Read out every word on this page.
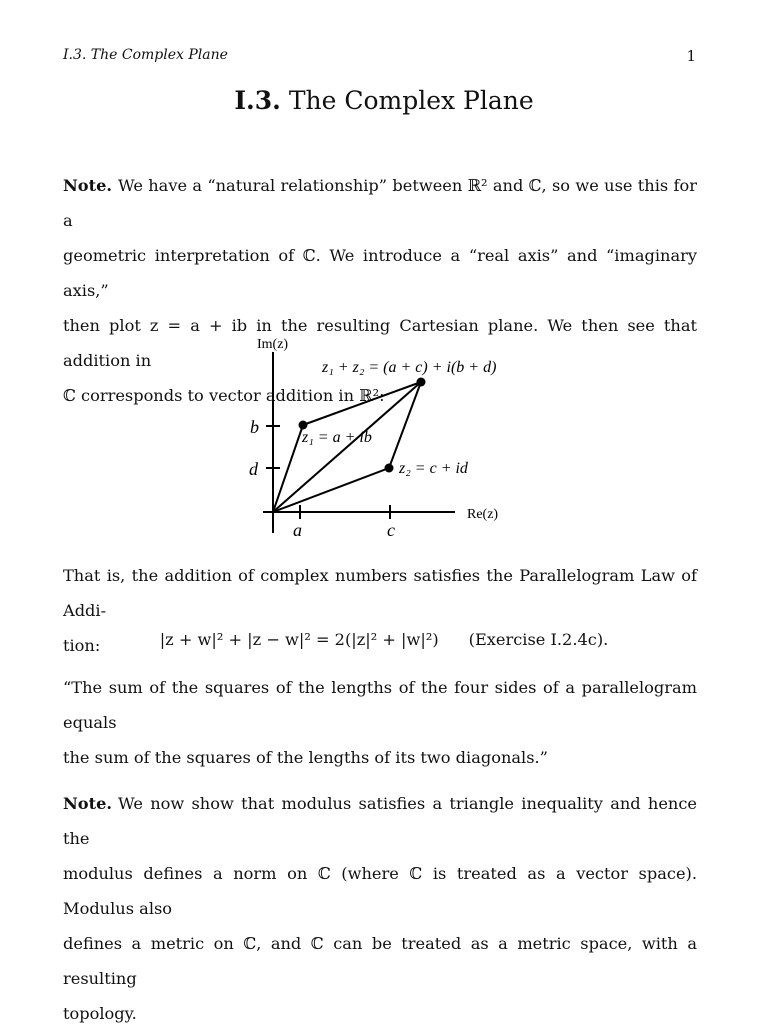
I.3. The Complex Plane	1
I.3. The Complex Plane
Note. We have a “natural relationship” between ℝ² and ℂ, so we use this for a
geometric interpretation of ℂ. We introduce a “real axis” and “imaginary axis,”
then plot z = a + ib in the resulting Cartesian plane. We then see that addition in
ℂ corresponds to vector addition in ℝ²:
Im(z)
Re(z)
z₁ + z₂ = (a + c) + i(b + d)
z₁ = a + ib
z₂ = c + id
b
d
a	c
That is, the addition of complex numbers satisfies the Parallelogram Law of Addi-
tion:	|z + w|² + |z − w|² = 2(|z|² + |w|²) (Exercise I.2.4c).
“The sum of the squares of the lengths of the four sides of a parallelogram equals
the sum of the squares of the lengths of its two diagonals.”
Note. We now show that modulus satisfies a triangle inequality and hence the
modulus defines a norm on ℂ (where ℂ is treated as a vector space). Modulus also
defines a metric on ℂ, and ℂ can be treated as a metric space, with a resulting
topology.
